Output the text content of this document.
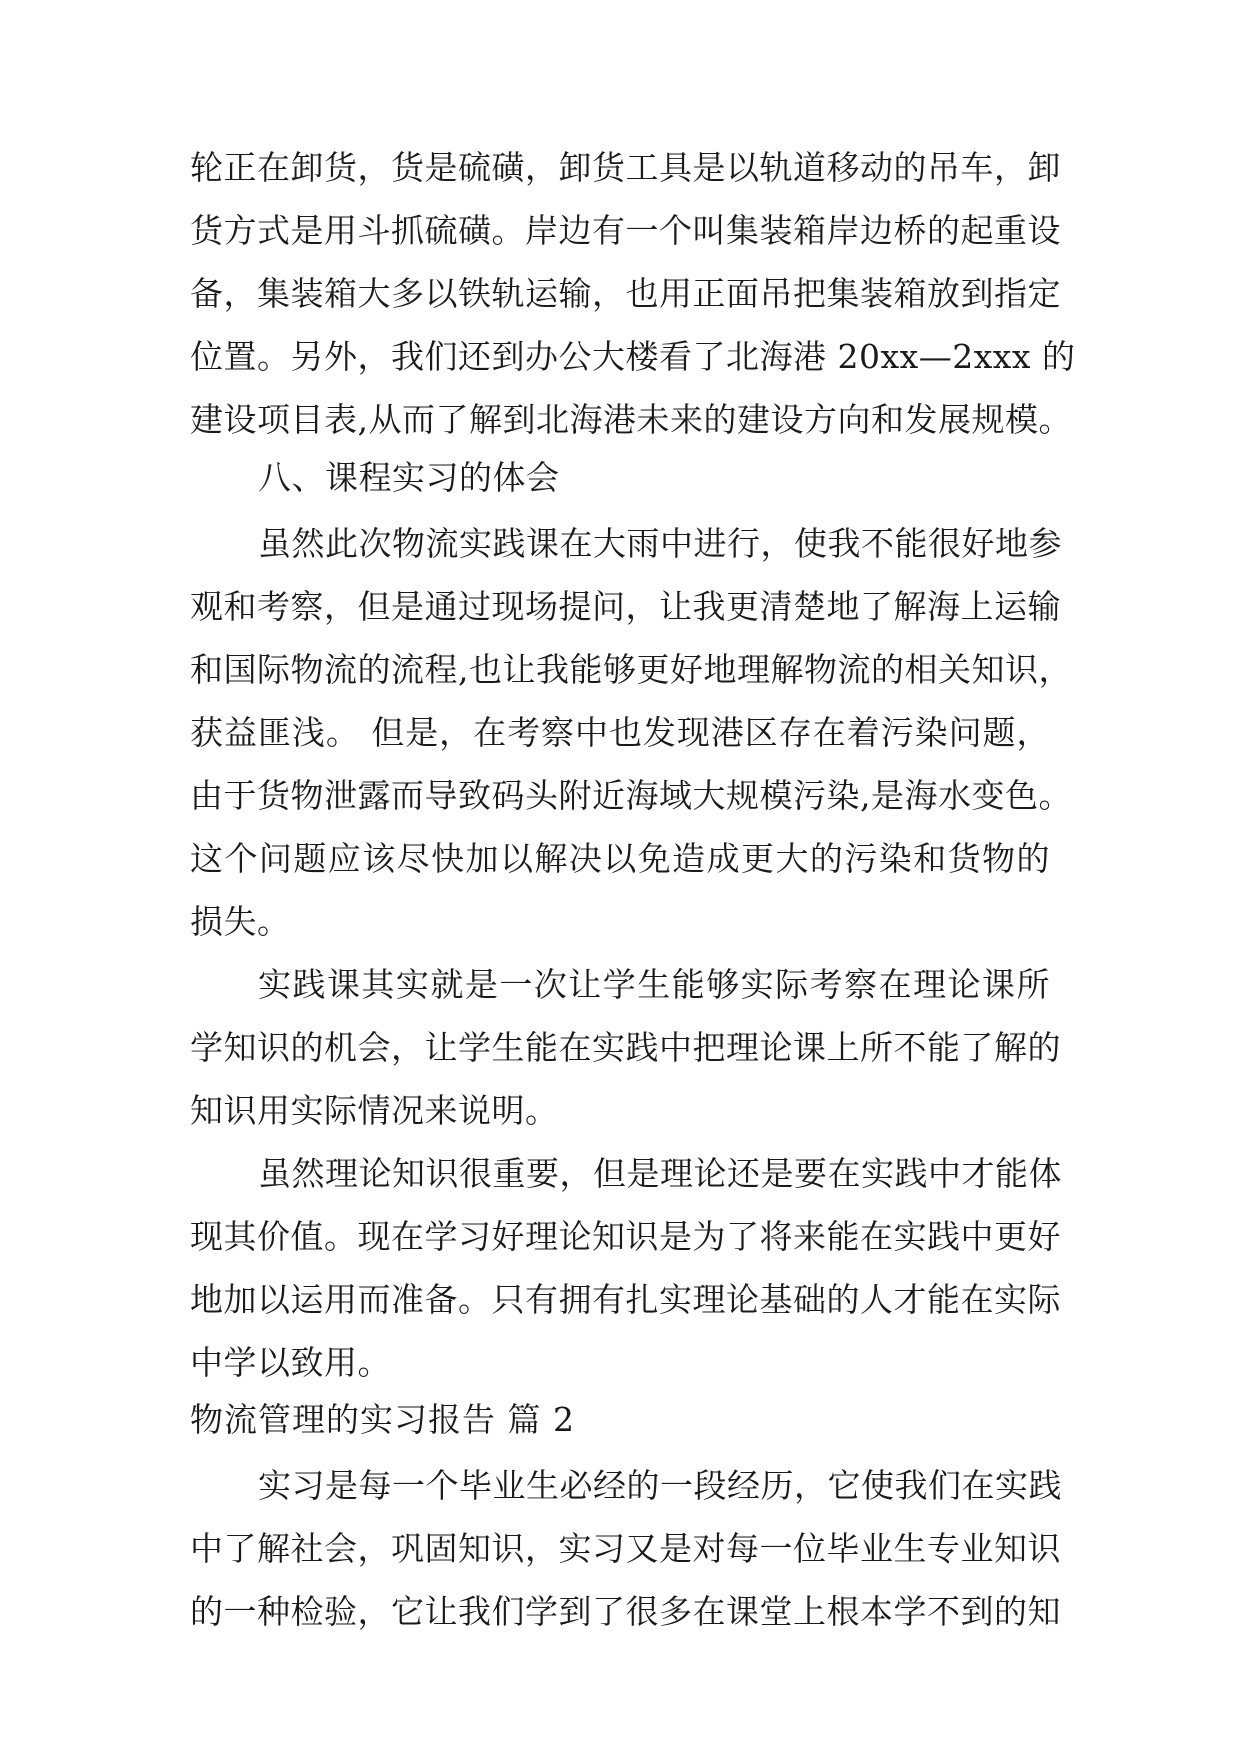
轮正在卸货，货是硫磺，卸货工具是以轨道移动的吊车，卸
货方式是用斗抓硫磺。岸边有一个叫集装箱岸边桥的起重设
备，集装箱大多以铁轨运输，也用正面吊把集装箱放到指定
位置。另外，我们还到办公大楼看了北海港 20xx—2xxx 的
建设项目表,从而了解到北海港未来的建设方向和发展规模。
八、课程实习的体会
虽然此次物流实践课在大雨中进行，使我不能很好地参
观和考察，但是通过现场提问，让我更清楚地了解海上运输
和国际物流的流程,也让我能够更好地理解物流的相关知识，
获益匪浅。 但是，在考察中也发现港区存在着污染问题，
由于货物泄露而导致码头附近海域大规模污染,是海水变色。
这个问题应该尽快加以解决以免造成更大的污染和货物的
损失。
实践课其实就是一次让学生能够实际考察在理论课所
学知识的机会，让学生能在实践中把理论课上所不能了解的
知识用实际情况来说明。
虽然理论知识很重要，但是理论还是要在实践中才能体
现其价值。现在学习好理论知识是为了将来能在实践中更好
地加以运用而准备。只有拥有扎实理论基础的人才能在实际
中学以致用。
物流管理的实习报告 篇 2
实习是每一个毕业生必经的一段经历，它使我们在实践
中了解社会，巩固知识，实习又是对每一位毕业生专业知识
的一种检验，它让我们学到了很多在课堂上根本学不到的知
